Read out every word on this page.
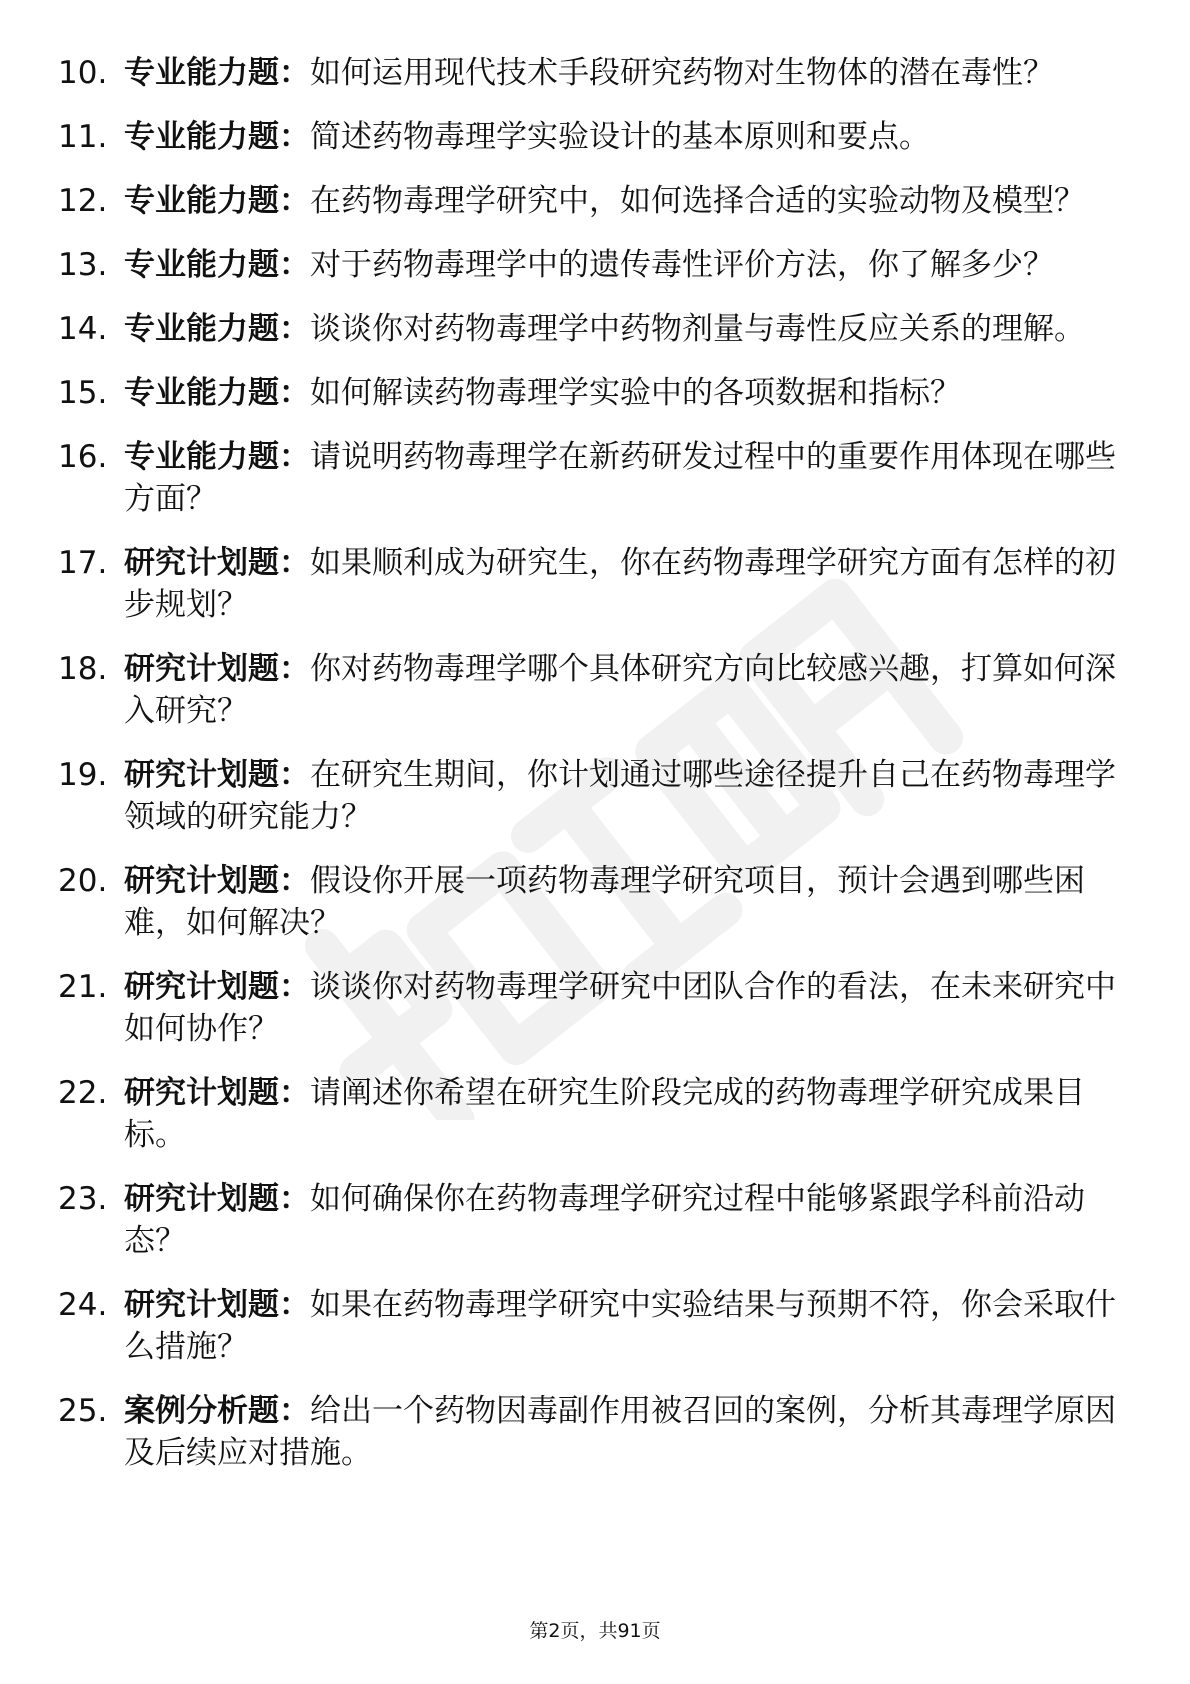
10. 专业能力题：如何运用现代技术手段研究药物对生物体的潜在毒性？
11. 专业能力题：简述药物毒理学实验设计的基本原则和要点。
12. 专业能力题：在药物毒理学研究中，如何选择合适的实验动物及模型？
13. 专业能力题：对于药物毒理学中的遗传毒性评价方法，你了解多少？
14. 专业能力题：谈谈你对药物毒理学中药物剂量与毒性反应关系的理解。
15. 专业能力题：如何解读药物毒理学实验中的各项数据和指标？
16. 专业能力题：请说明药物毒理学在新药研发过程中的重要作用体现在哪些方面？
17. 研究计划题：如果顺利成为研究生，你在药物毒理学研究方面有怎样的初步规划？
18. 研究计划题：你对药物毒理学哪个具体研究方向比较感兴趣，打算如何深入研究？
19. 研究计划题：在研究生期间，你计划通过哪些途径提升自己在药物毒理学领域的研究能力？
20. 研究计划题：假设你开展一项药物毒理学研究项目，预计会遇到哪些困难，如何解决？
21. 研究计划题：谈谈你对药物毒理学研究中团队合作的看法，在未来研究中如何协作？
22. 研究计划题：请阐述你希望在研究生阶段完成的药物毒理学研究成果目标。
23. 研究计划题：如何确保你在药物毒理学研究过程中能够紧跟学科前沿动态？
24. 研究计划题：如果在药物毒理学研究中实验结果与预期不符，你会采取什么措施？
25. 案例分析题：给出一个药物因毒副作用被召回的案例，分析其毒理学原因及后续应对措施。
第2页，共91页
